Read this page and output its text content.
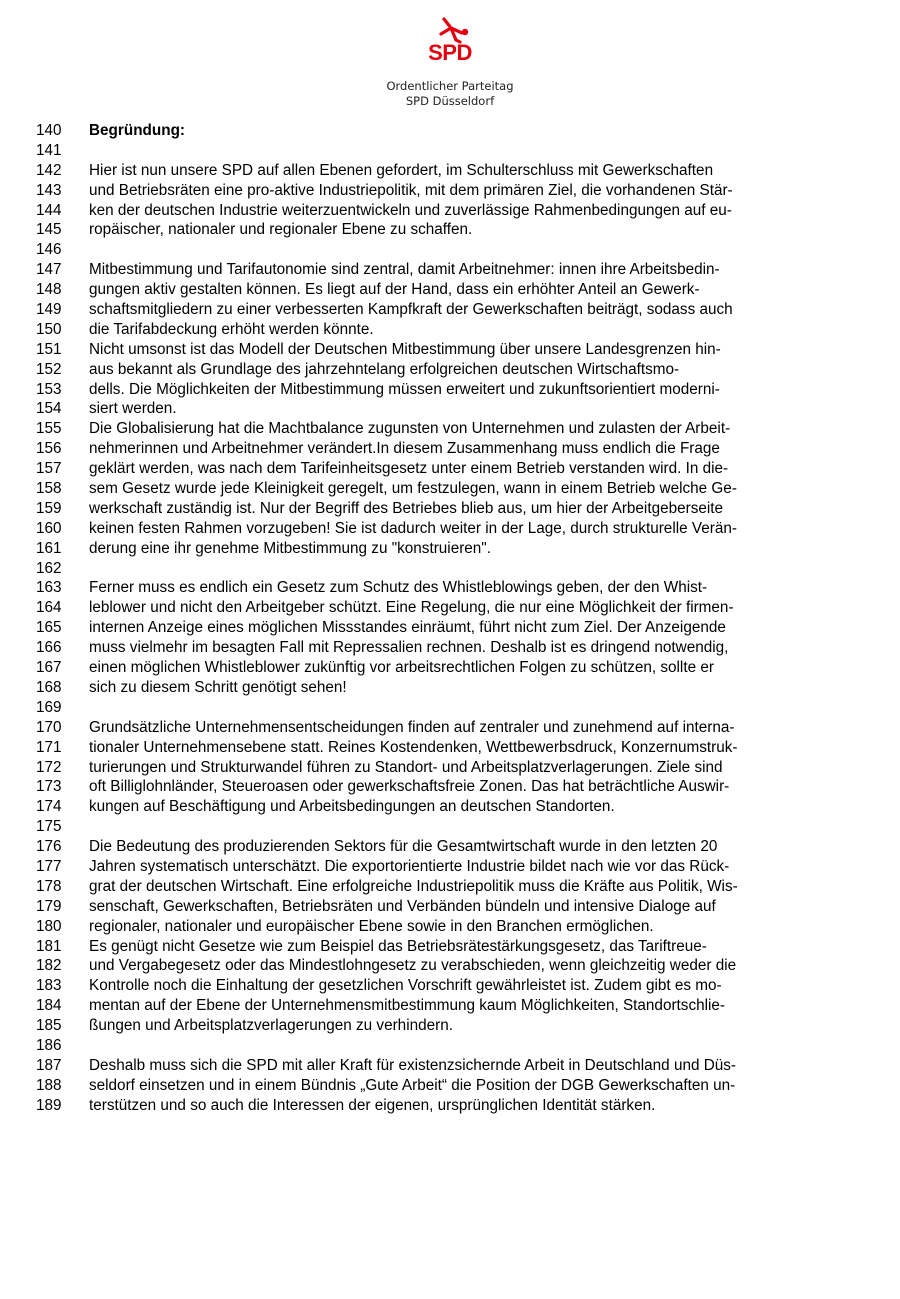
SPD
Ordentlicher Parteitag
SPD Düsseldorf
140	Begründung:
141
142	Hier ist nun unsere SPD auf allen Ebenen gefordert, im Schulterschluss mit Gewerkschaften
143	und Betriebsräten eine pro-aktive Industriepolitik, mit dem primären Ziel, die vorhandenen Stär-
144	ken der deutschen Industrie weiterzuentwickeln und zuverlässige Rahmenbedingungen auf eu-
145	ropäischer, nationaler und regionaler Ebene zu schaffen.
146
147	Mitbestimmung und Tarifautonomie sind zentral, damit Arbeitnehmer: innen ihre Arbeitsbedin-
148	gungen aktiv gestalten können. Es liegt auf der Hand, dass ein erhöhter Anteil an Gewerk-
149	schaftsmitgliedern zu einer verbesserten Kampfkraft der Gewerkschaften beiträgt, sodass auch
150	die Tarifabdeckung erhöht werden könnte.
151	Nicht umsonst ist das Modell der Deutschen Mitbestimmung über unsere Landesgrenzen hin-
152	aus bekannt als Grundlage des jahrzehntelang erfolgreichen deutschen Wirtschaftsmo-
153	dells. Die Möglichkeiten der Mitbestimmung müssen erweitert und zukunftsorientiert moderni-
154	siert werden.
155	Die Globalisierung hat die Machtbalance zugunsten von Unternehmen und zulasten der Arbeit-
156	nehmerinnen und Arbeitnehmer verändert.In diesem Zusammenhang muss endlich die Frage
157	geklärt werden, was nach dem Tarifeinheitsgesetz unter einem Betrieb verstanden wird. In die-
158	sem Gesetz wurde jede Kleinigkeit geregelt, um festzulegen, wann in einem Betrieb welche Ge-
159	werkschaft zuständig ist. Nur der Begriff des Betriebes blieb aus, um hier der Arbeitgeberseite
160	keinen festen Rahmen vorzugeben! Sie ist dadurch weiter in der Lage, durch strukturelle Verän-
161	derung eine ihr genehme Mitbestimmung zu "konstruieren".
162
163	Ferner muss es endlich ein Gesetz zum Schutz des Whistleblowings geben, der den Whist-
164	leblower und nicht den Arbeitgeber schützt. Eine Regelung, die nur eine Möglichkeit der firmen-
165	internen Anzeige eines möglichen Missstandes einräumt, führt nicht zum Ziel. Der Anzeigende
166	muss vielmehr im besagten Fall mit Repressalien rechnen. Deshalb ist es dringend notwendig,
167	einen möglichen Whistleblower zukünftig vor arbeitsrechtlichen Folgen zu schützen, sollte er
168	sich zu diesem Schritt genötigt sehen!
169
170	Grundsätzliche Unternehmensentscheidungen finden auf zentraler und zunehmend auf interna-
171	tionaler Unternehmensebene statt. Reines Kostendenken, Wettbewerbsdruck, Konzernumstruk-
172	turierungen und Strukturwandel führen zu Standort- und Arbeitsplatzverlagerungen. Ziele sind
173	oft Billiglohnländer, Steueroasen oder gewerkschaftsfreie Zonen. Das hat beträchtliche Auswir-
174	kungen auf Beschäftigung und Arbeitsbedingungen an deutschen Standorten.
175
176	Die Bedeutung des produzierenden Sektors für die Gesamtwirtschaft wurde in den letzten 20
177	Jahren systematisch unterschätzt. Die exportorientierte Industrie bildet nach wie vor das Rück-
178	grat der deutschen Wirtschaft. Eine erfolgreiche Industriepolitik muss die Kräfte aus Politik, Wis-
179	senschaft, Gewerkschaften, Betriebsräten und Verbänden bündeln und intensive Dialoge auf
180	regionaler, nationaler und europäischer Ebene sowie in den Branchen ermöglichen.
181	Es genügt nicht Gesetze wie zum Beispiel das Betriebsrätestärkungsgesetz, das Tariftreue-
182	und Vergabegesetz oder das Mindestlohngesetz zu verabschieden, wenn gleichzeitig weder die
183	Kontrolle noch die Einhaltung der gesetzlichen Vorschrift gewährleistet ist. Zudem gibt es mo-
184	mentan auf der Ebene der Unternehmensmitbestimmung kaum Möglichkeiten, Standortschlie-
185	ßungen und Arbeitsplatzverlagerungen zu verhindern.
186
187	Deshalb muss sich die SPD mit aller Kraft für existenzsichernde Arbeit in Deutschland und Düs-
188	seldorf einsetzen und in einem Bündnis „Gute Arbeit“ die Position der DGB Gewerkschaften un-
189	terstützen und so auch die Interessen der eigenen, ursprünglichen Identität stärken.
